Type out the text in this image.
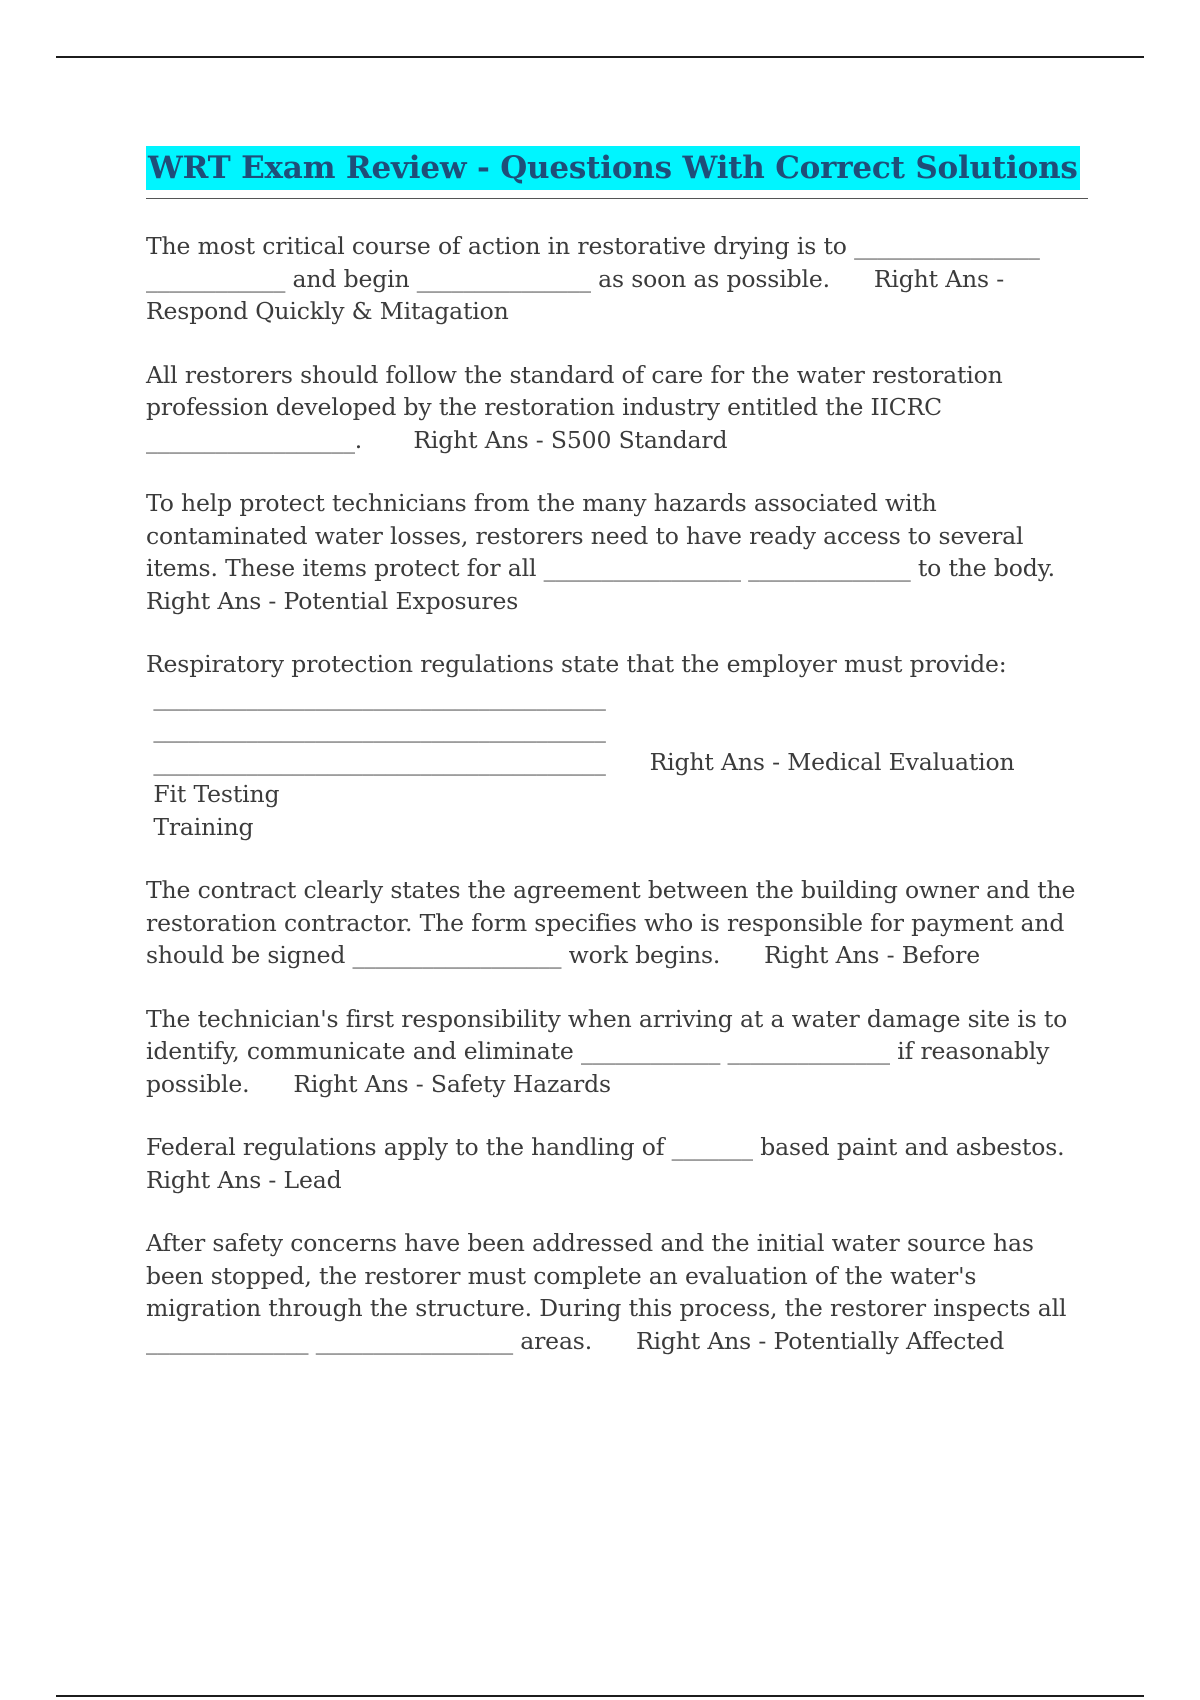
WRT Exam Review - Questions With Correct Solutions
The most critical course of action in restorative drying is to ________________
____________ and begin _______________ as soon as possible.      Right Ans -
Respond Quickly & Mitagation
All restorers should follow the standard of care for the water restoration
profession developed by the restoration industry entitled the IICRC
__________________.       Right Ans - S500 Standard
To help protect technicians from the many hazards associated with
contaminated water losses, restorers need to have ready access to several
items. These items protect for all _________________ ______________ to the body.
Right Ans - Potential Exposures
Respiratory protection regulations state that the employer must provide:
_______________________________________
_______________________________________
_______________________________________      Right Ans - Medical Evaluation
Fit Testing
Training
The contract clearly states the agreement between the building owner and the
restoration contractor. The form specifies who is responsible for payment and
should be signed __________________ work begins.      Right Ans - Before
The technician's first responsibility when arriving at a water damage site is to
identify, communicate and eliminate ____________ ______________ if reasonably
possible.      Right Ans - Safety Hazards
Federal regulations apply to the handling of _______ based paint and asbestos.
Right Ans - Lead
After safety concerns have been addressed and the initial water source has
been stopped, the restorer must complete an evaluation of the water's
migration through the structure. During this process, the restorer inspects all
______________ _________________ areas.      Right Ans - Potentially Affected
